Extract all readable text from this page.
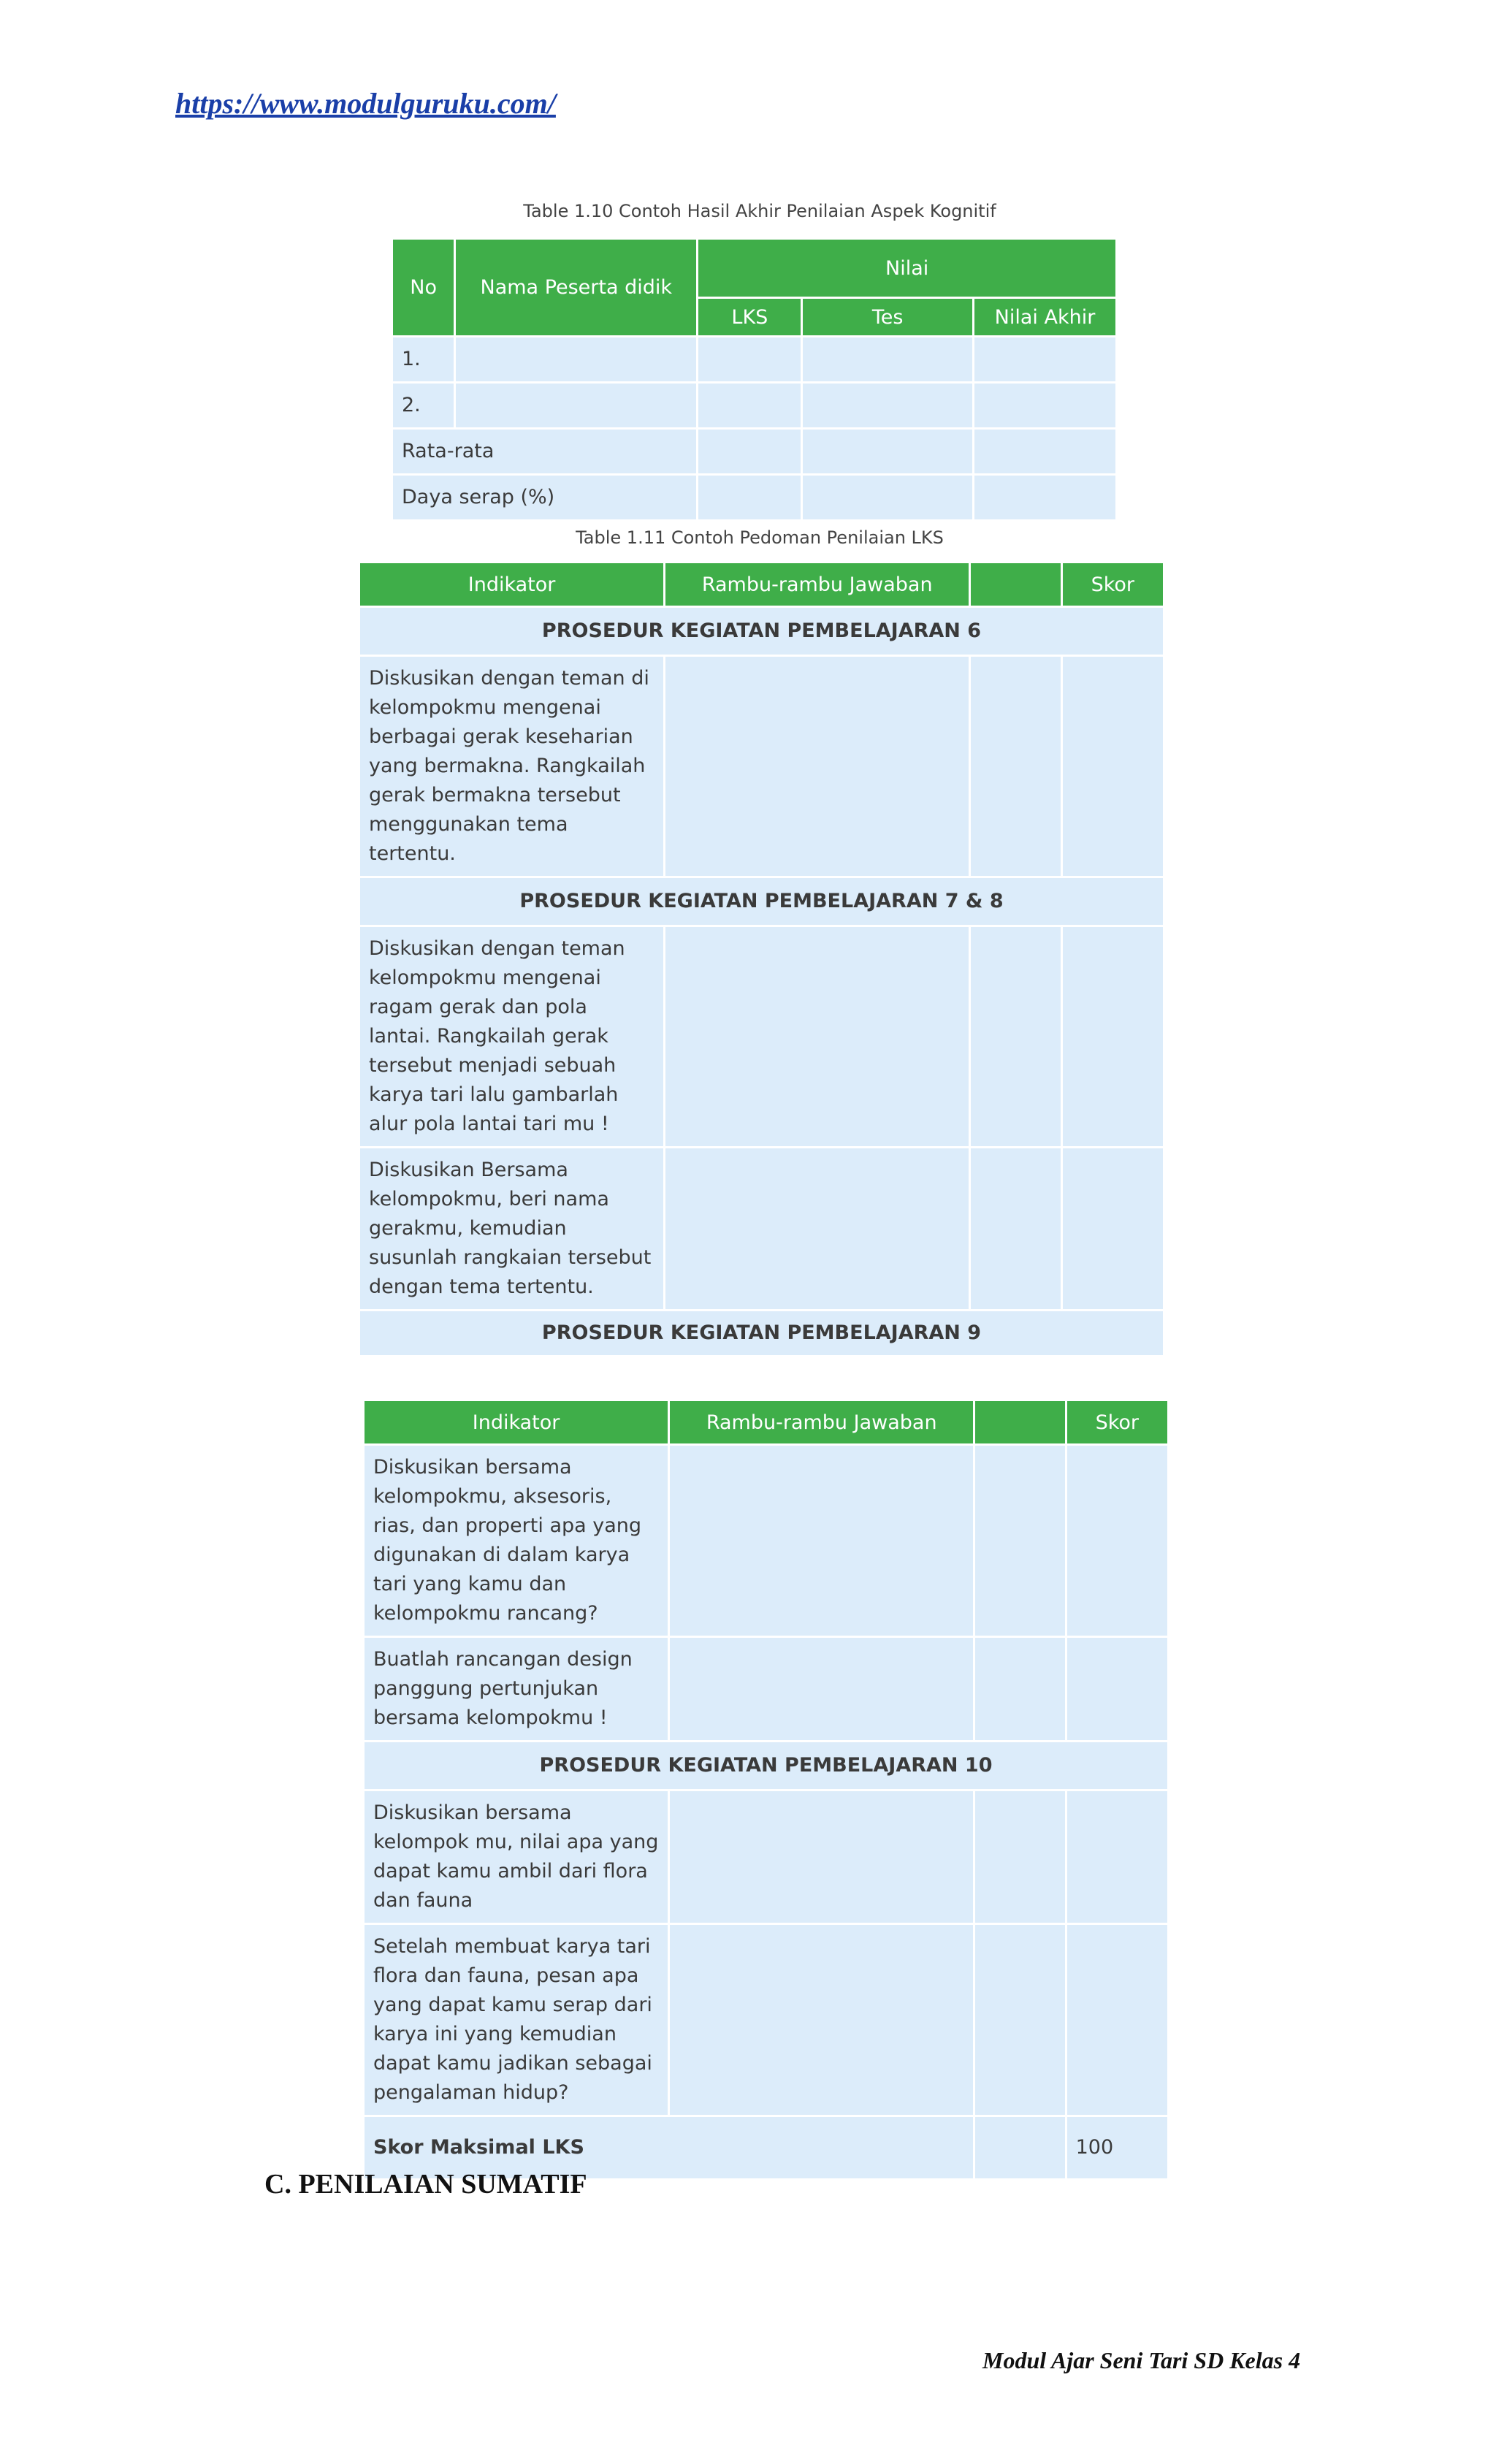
https://www.modulguruku.com/
Table 1.10 Contoh Hasil Akhir Penilaian Aspek Kognitif
No	Nama Peserta didik	Nilai		
		LKS	Tes	Nilai Akhir
1.				
2.				
Rata-rata				
Daya serap (%)				
Table 1.11 Contoh Pedoman Penilaian LKS
Indikator	Rambu-rambu Jawaban		Skor
PROSEDUR KEGIATAN PEMBELAJARAN 6			
Diskusikan dengan teman di kelompokmu mengenai berbagai gerak keseharian yang bermakna. Rangkailah gerak bermakna tersebut menggunakan tema tertentu.			
PROSEDUR KEGIATAN PEMBELAJARAN 7 & 8			
Diskusikan dengan teman kelompokmu mengenai ragam gerak dan pola lantai. Rangkailah gerak tersebut menjadi sebuah karya tari lalu gambarlah alur pola lantai tari mu !			
Diskusikan Bersama kelompokmu, beri nama gerakmu, kemudian susunlah rangkaian tersebut dengan tema tertentu.			
PROSEDUR KEGIATAN PEMBELAJARAN 9			
Indikator	Rambu-rambu Jawaban		Skor
Diskusikan bersama kelompokmu, aksesoris, rias, dan properti apa yang digunakan di dalam karya tari yang kamu dan kelompokmu rancang?			
Buatlah rancangan design panggung pertunjukan bersama kelompokmu !			
PROSEDUR KEGIATAN PEMBELAJARAN 10			
Diskusikan bersama kelompok mu, nilai apa yang dapat kamu ambil dari flora dan fauna			
Setelah membuat karya tari flora dan fauna, pesan apa yang dapat kamu serap dari karya ini yang kemudian dapat kamu jadikan sebagai pengalaman hidup?			
Skor Maksimal LKS			100
C. PENILAIAN SUMATIF
Modul Ajar Seni Tari SD Kelas 4
